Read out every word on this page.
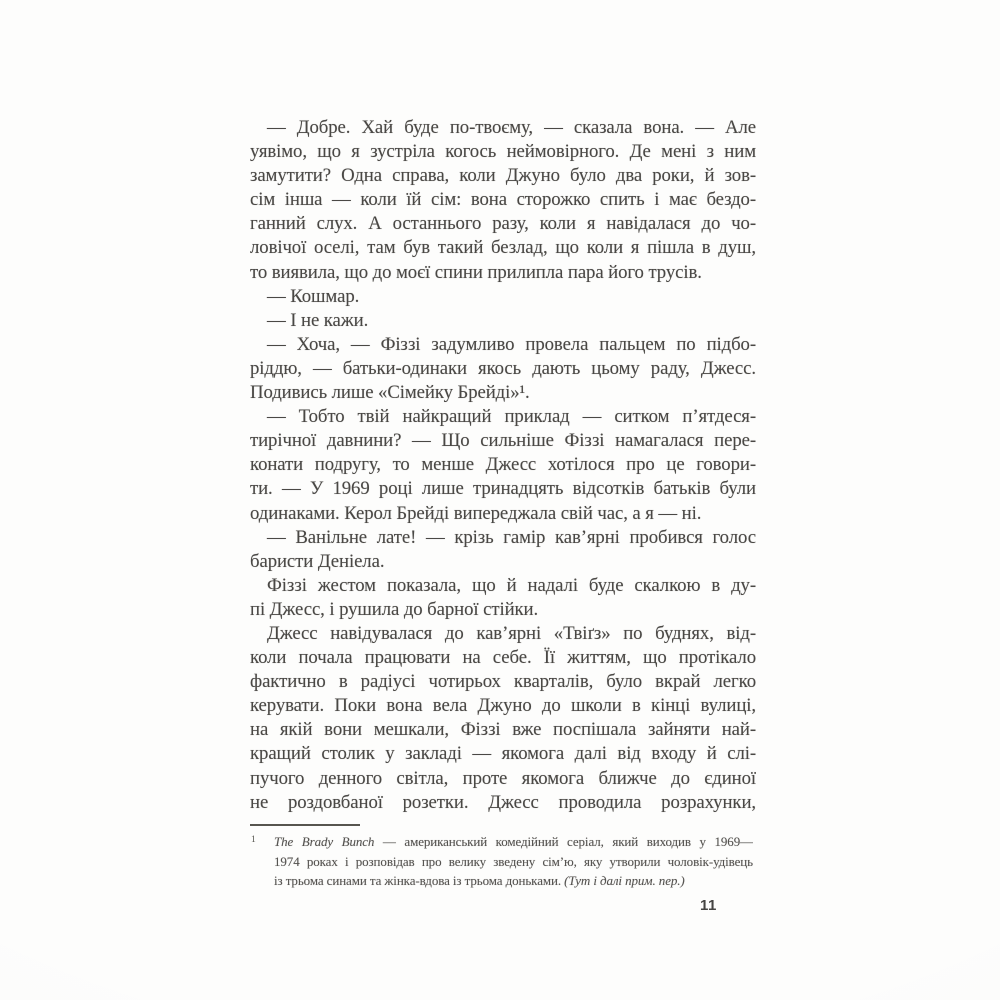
— Добре. Хай буде по-твоєму, — сказала вона. — Але
уявімо, що я зустріла когось неймовірного. Де мені з ним
замутити? Одна справа, коли Джуно було два роки, й зов-
сім інша — коли їй сім: вона сторожко спить і має бездо-
ганний слух. А останнього разу, коли я навідалася до чо-
ловічої оселі, там був такий безлад, що коли я пішла в душ,
то виявила, що до моєї спини прилипла пара його трусів.
— Кошмар.
— І не кажи.
— Хоча, — Фіззі задумливо провела пальцем по підбо-
ріддю, — батьки-одинаки якось дають цьому раду, Джесс.
Подивись лише «Сімейку Брейді»¹.
— Тобто твій найкращий приклад — ситком п’ятдеся-
тирічної давнини? — Що сильніше Фіззі намагалася пере-
конати подругу, то менше Джесс хотілося про це говори-
ти. — У 1969 році лише тринадцять відсотків батьків були
одинаками. Керол Брейді випереджала свій час, а я — ні.
— Ванільне лате! — крізь гамір кав’ярні пробився голос
баристи Деніела.
Фіззі жестом показала, що й надалі буде скалкою в ду-
пі Джесс, і рушила до барної стійки.
Джесс навідувалася до кав’ярні «Твіґз» по буднях, від-
коли почала працювати на себе. Її життям, що протікало
фактично в радіусі чотирьох кварталів, було вкрай легко
керувати. Поки вона вела Джуно до школи в кінці вулиці,
на якій вони мешкали, Фіззі вже поспішала зайняти най-
кращий столик у закладі — якомога далі від входу й слі-
пучого денного світла, проте якомога ближче до єдиної
не роздовбаної розетки. Джесс проводила розрахунки,
1 The Brady Bunch — американський комедійний серіал, який виходив у 1969—
1974 роках і розповідав про велику зведену сім’ю, яку утворили чоловік-удівець
із трьома синами та жінка-вдова із трьома доньками. (Тут і далі прим. пер.)
11
